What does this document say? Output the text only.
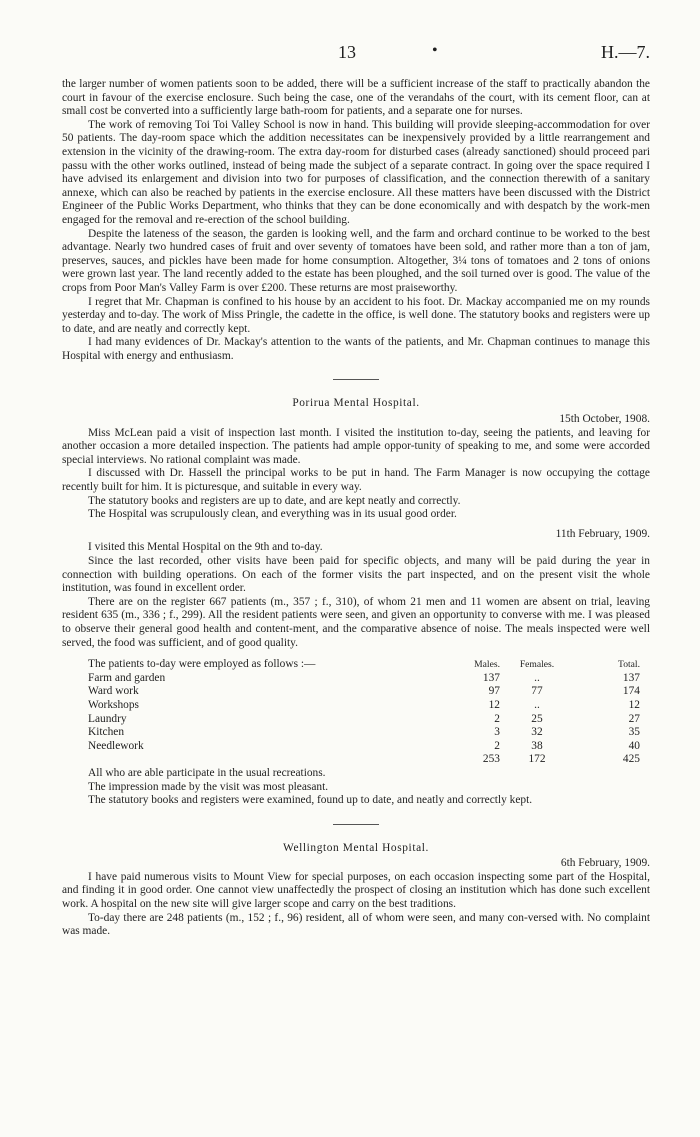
13	•	H.—7.

the larger number of women patients soon to be added, there will be a sufficient increase of the staff to practically abandon the court in favour of the exercise enclosure. Such being the case, one of the verandahs of the court, with its cement floor, can at small cost be converted into a sufficiently large bath-room for patients, and a separate one for nurses.

The work of removing Toi Toi Valley School is now in hand. This building will provide sleeping-accommodation for over 50 patients. The day-room space which the addition necessitates can be inexpensively provided by a little rearrangement and extension in the vicinity of the drawing-room. The extra day-room for disturbed cases (already sanctioned) should proceed pari passu with the other works outlined, instead of being made the subject of a separate contract. In going over the space required I have advised its enlargement and division into two for purposes of classification, and the connection therewith of a sanitary annexe, which can also be reached by patients in the exercise enclosure. All these matters have been discussed with the District Engineer of the Public Works Department, who thinks that they can be done economically and with despatch by the work-men engaged for the removal and re-erection of the school building.

Despite the lateness of the season, the garden is looking well, and the farm and orchard continue to be worked to the best advantage. Nearly two hundred cases of fruit and over seventy of tomatoes have been sold, and rather more than a ton of jam, preserves, sauces, and pickles have been made for home consumption. Altogether, 3¼ tons of tomatoes and 2 tons of onions were grown last year. The land recently added to the estate has been ploughed, and the soil turned over is good. The value of the crops from Poor Man's Valley Farm is over £200. These returns are most praiseworthy.

I regret that Mr. Chapman is confined to his house by an accident to his foot. Dr. Mackay accompanied me on my rounds yesterday and to-day. The work of Miss Pringle, the cadette in the office, is well done. The statutory books and registers were up to date, and are neatly and correctly kept.

I had many evidences of Dr. Mackay's attention to the wants of the patients, and Mr. Chapman continues to manage this Hospital with energy and enthusiasm.

Porirua Mental Hospital.

15th October, 1908.

Miss McLean paid a visit of inspection last month. I visited the institution to-day, seeing the patients, and leaving for another occasion a more detailed inspection. The patients had ample oppor-tunity of speaking to me, and some were accorded special interviews. No rational complaint was made.

I discussed with Dr. Hassell the principal works to be put in hand. The Farm Manager is now occupying the cottage recently built for him. It is picturesque, and suitable in every way.

The statutory books and registers are up to date, and are kept neatly and correctly.

The Hospital was scrupulously clean, and everything was in its usual good order.

11th February, 1909.

I visited this Mental Hospital on the 9th and to-day.

Since the last recorded, other visits have been paid for specific objects, and many will be paid during the year in connection with building operations. On each of the former visits the part inspected, and on the present visit the whole institution, was found in excellent order.

There are on the register 667 patients (m., 357 ; f., 310), of whom 21 men and 11 women are absent on trial, leaving resident 635 (m., 336 ; f., 299). All the resident patients were seen, and given an opportunity to converse with me. I was pleased to observe their general good health and content-ment, and the comparative absence of noise. The meals inspected were well served, the food was sufficient, and of good quality.

The patients to-day were employed as follows :—	Males.	Females.	Total.
Farm and garden	137	..	137
Ward work	97	77	174
Workshops	12	..	12
Laundry	2	25	27
Kitchen	3	32	35
Needlework	2	38	40
	253	172	425

All who are able participate in the usual recreations.

The impression made by the visit was most pleasant.

The statutory books and registers were examined, found up to date, and neatly and correctly kept.

Wellington Mental Hospital.

6th February, 1909.

I have paid numerous visits to Mount View for special purposes, on each occasion inspecting some part of the Hospital, and finding it in good order. One cannot view unaffectedly the prospect of closing an institution which has done such excellent work. A hospital on the new site will give larger scope and carry on the best traditions.

To-day there are 248 patients (m., 152 ; f., 96) resident, all of whom were seen, and many con-versed with. No complaint was made.
